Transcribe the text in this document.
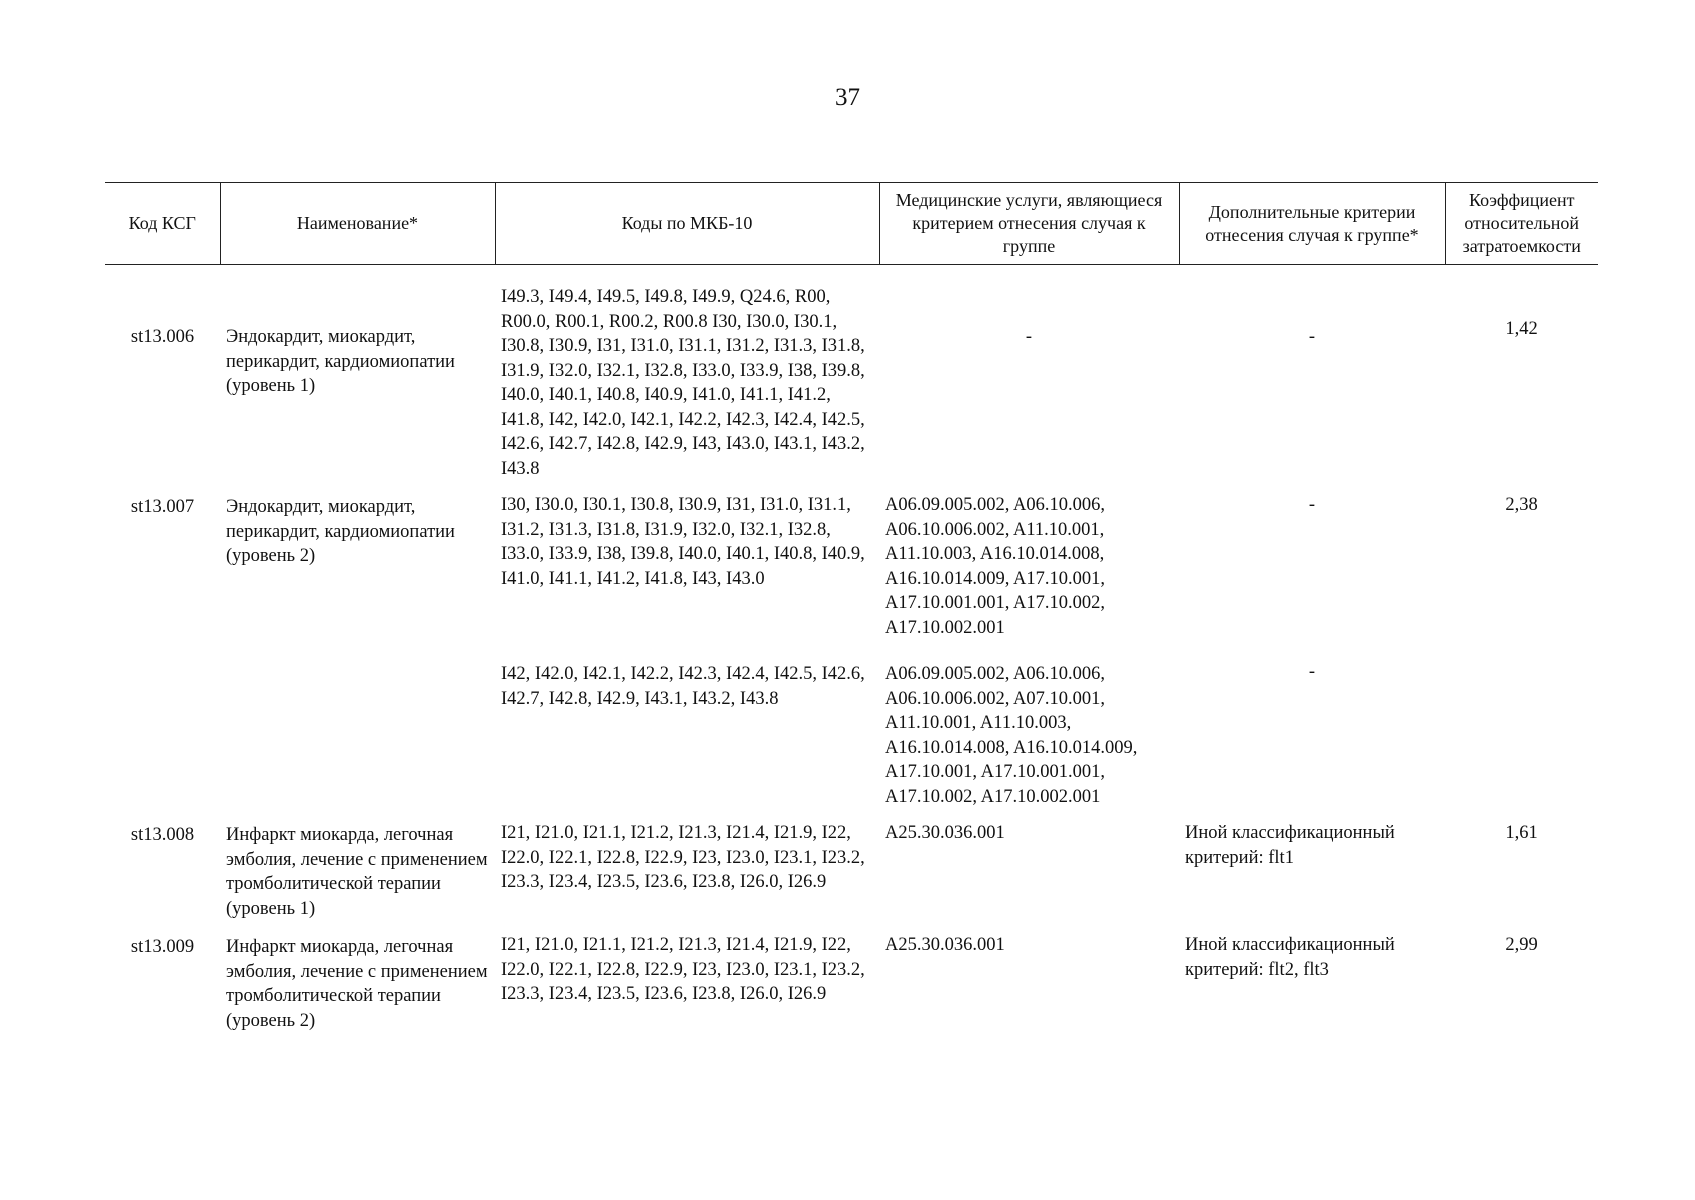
37
Код КСГ	Наименование*	Коды по МКБ-10	Медицинские услуги, являющиеся критерием отнесения случая к группе	Дополнительные критерии отнесения случая к группе*	Коэффициент относительной затратоемкости
st13.006	Эндокардит, миокардит, перикардит, кардиомиопатии (уровень 1)	I49.3, I49.4, I49.5, I49.8, I49.9, Q24.6, R00, R00.0, R00.1, R00.2, R00.8 I30, I30.0, I30.1, I30.8, I30.9, I31, I31.0, I31.1, I31.2, I31.3, I31.8, I31.9, I32.0, I32.1, I32.8, I33.0, I33.9, I38, I39.8, I40.0, I40.1, I40.8, I40.9, I41.0, I41.1, I41.2, I41.8, I42, I42.0, I42.1, I42.2, I42.3, I42.4, I42.5, I42.6, I42.7, I42.8, I42.9, I43, I43.0, I43.1, I43.2, I43.8	-	-	1,42
st13.007	Эндокардит, миокардит, перикардит, кардиомиопатии (уровень 2)	I30, I30.0, I30.1, I30.8, I30.9, I31, I31.0, I31.1, I31.2, I31.3, I31.8, I31.9, I32.0, I32.1, I32.8, I33.0, I33.9, I38, I39.8, I40.0, I40.1, I40.8, I40.9, I41.0, I41.1, I41.2, I41.8, I43, I43.0	A06.09.005.002, A06.10.006, A06.10.006.002, A11.10.001, A11.10.003, A16.10.014.008, A16.10.014.009, A17.10.001, A17.10.001.001, A17.10.002, A17.10.002.001	-	2,38
		I42, I42.0, I42.1, I42.2, I42.3, I42.4, I42.5, I42.6, I42.7, I42.8, I42.9, I43.1, I43.2, I43.8	A06.09.005.002, A06.10.006, A06.10.006.002, A07.10.001, A11.10.001, A11.10.003, A16.10.014.008, A16.10.014.009, A17.10.001, A17.10.001.001, A17.10.002, A17.10.002.001	-	
st13.008	Инфаркт миокарда, легочная эмболия, лечение с применением тромболитической терапии (уровень 1)	I21, I21.0, I21.1, I21.2, I21.3, I21.4, I21.9, I22, I22.0, I22.1, I22.8, I22.9, I23, I23.0, I23.1, I23.2, I23.3, I23.4, I23.5, I23.6, I23.8, I26.0, I26.9	A25.30.036.001	Иной классификационный критерий: flt1	1,61
st13.009	Инфаркт миокарда, легочная эмболия, лечение с применением тромболитической терапии (уровень 2)	I21, I21.0, I21.1, I21.2, I21.3, I21.4, I21.9, I22, I22.0, I22.1, I22.8, I22.9, I23, I23.0, I23.1, I23.2, I23.3, I23.4, I23.5, I23.6, I23.8, I26.0, I26.9	A25.30.036.001	Иной классификационный критерий: flt2, flt3	2,99
